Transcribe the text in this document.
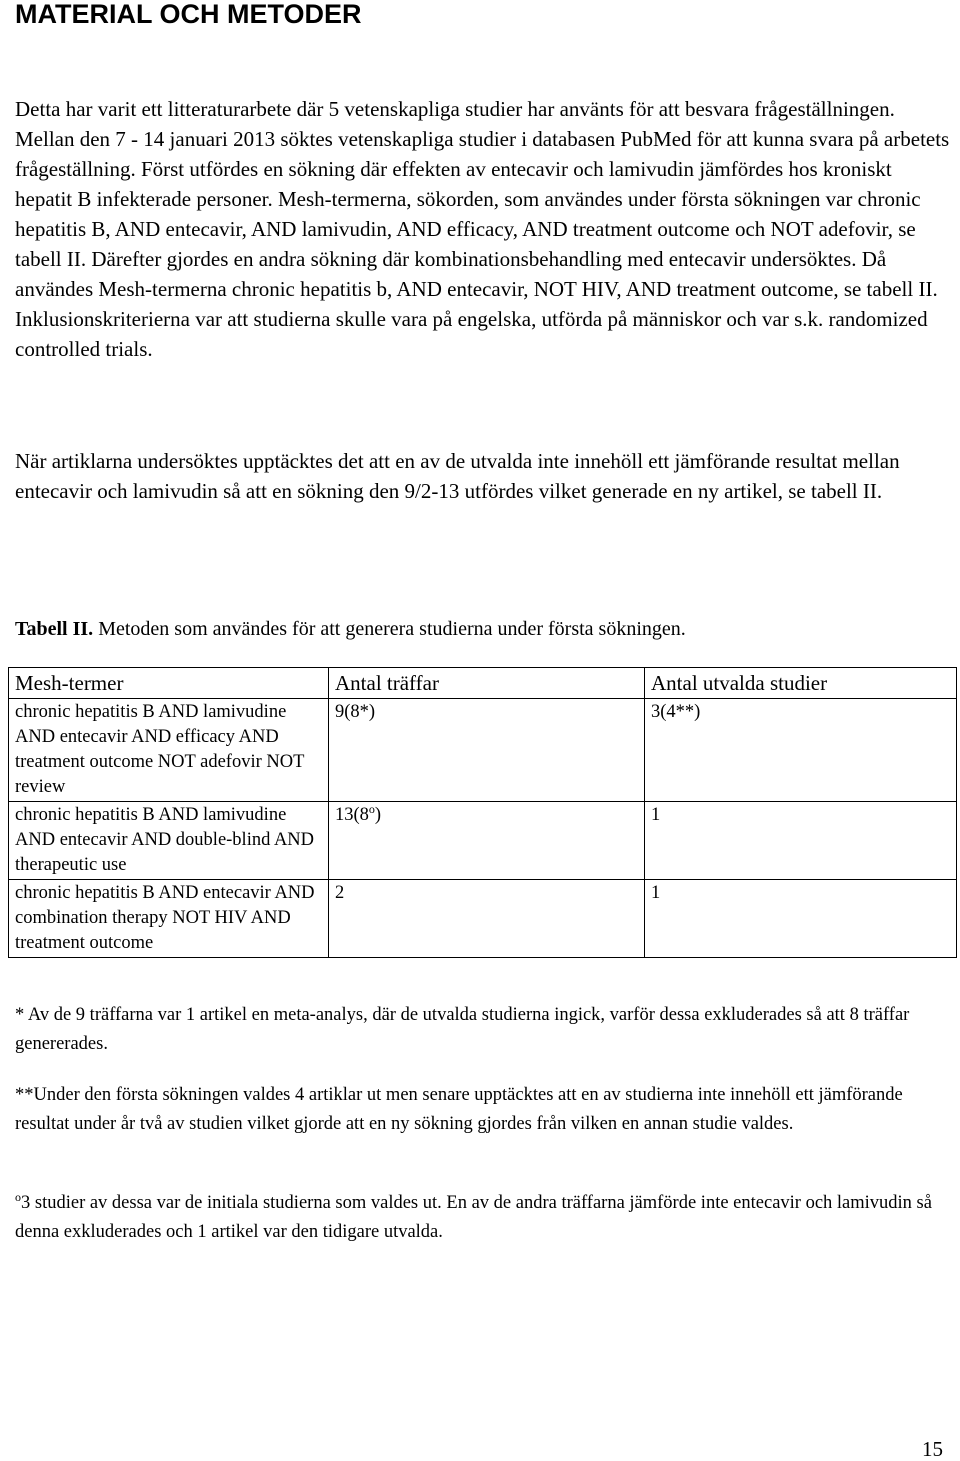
MATERIAL OCH METODER

Detta har varit ett litteraturarbete där 5 vetenskapliga studier har använts för att besvara frågeställningen. Mellan den 7 - 14 januari 2013 söktes vetenskapliga studier i databasen PubMed för att kunna svara på arbetets frågeställning. Först utfördes en sökning där effekten av entecavir och lamivudin jämfördes hos kroniskt hepatit B infekterade personer. Mesh-termerna, sökorden, som användes under första sökningen var chronic hepatitis B, AND entecavir, AND lamivudin, AND efficacy, AND treatment outcome och NOT adefovir, se tabell II. Därefter gjordes en andra sökning där kombinationsbehandling med entecavir undersöktes. Då användes Mesh-termerna chronic hepatitis b, AND entecavir, NOT HIV, AND treatment outcome, se tabell II. Inklusionskriterierna var att studierna skulle vara på engelska, utförda på människor och var s.k. randomized controlled trials.

När artiklarna undersöktes upptäcktes det att en av de utvalda inte innehöll ett jämförande resultat mellan entecavir och lamivudin så att en sökning den 9/2-13 utfördes vilket generade en ny artikel, se tabell II.

Tabell II. Metoden som användes för att generera studierna under första sökningen.

Mesh-termer	Antal träffar	Antal utvalda studier
chronic hepatitis B AND lamivudine AND entecavir AND efficacy AND treatment outcome NOT adefovir NOT review	9(8*)	3(4**)
chronic hepatitis B AND lamivudine AND entecavir AND double-blind AND therapeutic use	13(8$^o$)	1
chronic hepatitis B AND entecavir AND combination therapy NOT HIV AND treatment outcome	2	1

* Av de 9 träffarna var 1 artikel en meta-analys, där de utvalda studierna ingick, varför dessa exkluderades så att 8 träffar genererades.

**Under den första sökningen valdes 4 artiklar ut men senare upptäcktes att en av studierna inte innehöll ett jämförande resultat under år två av studien vilket gjorde att en ny sökning gjordes från vilken en annan studie valdes.

$^o$3 studier av dessa var de initiala studierna som valdes ut. En av de andra träffarna jämförde inte entecavir och lamivudin så denna exkluderades och 1 artikel var den tidigare utvalda.

15
